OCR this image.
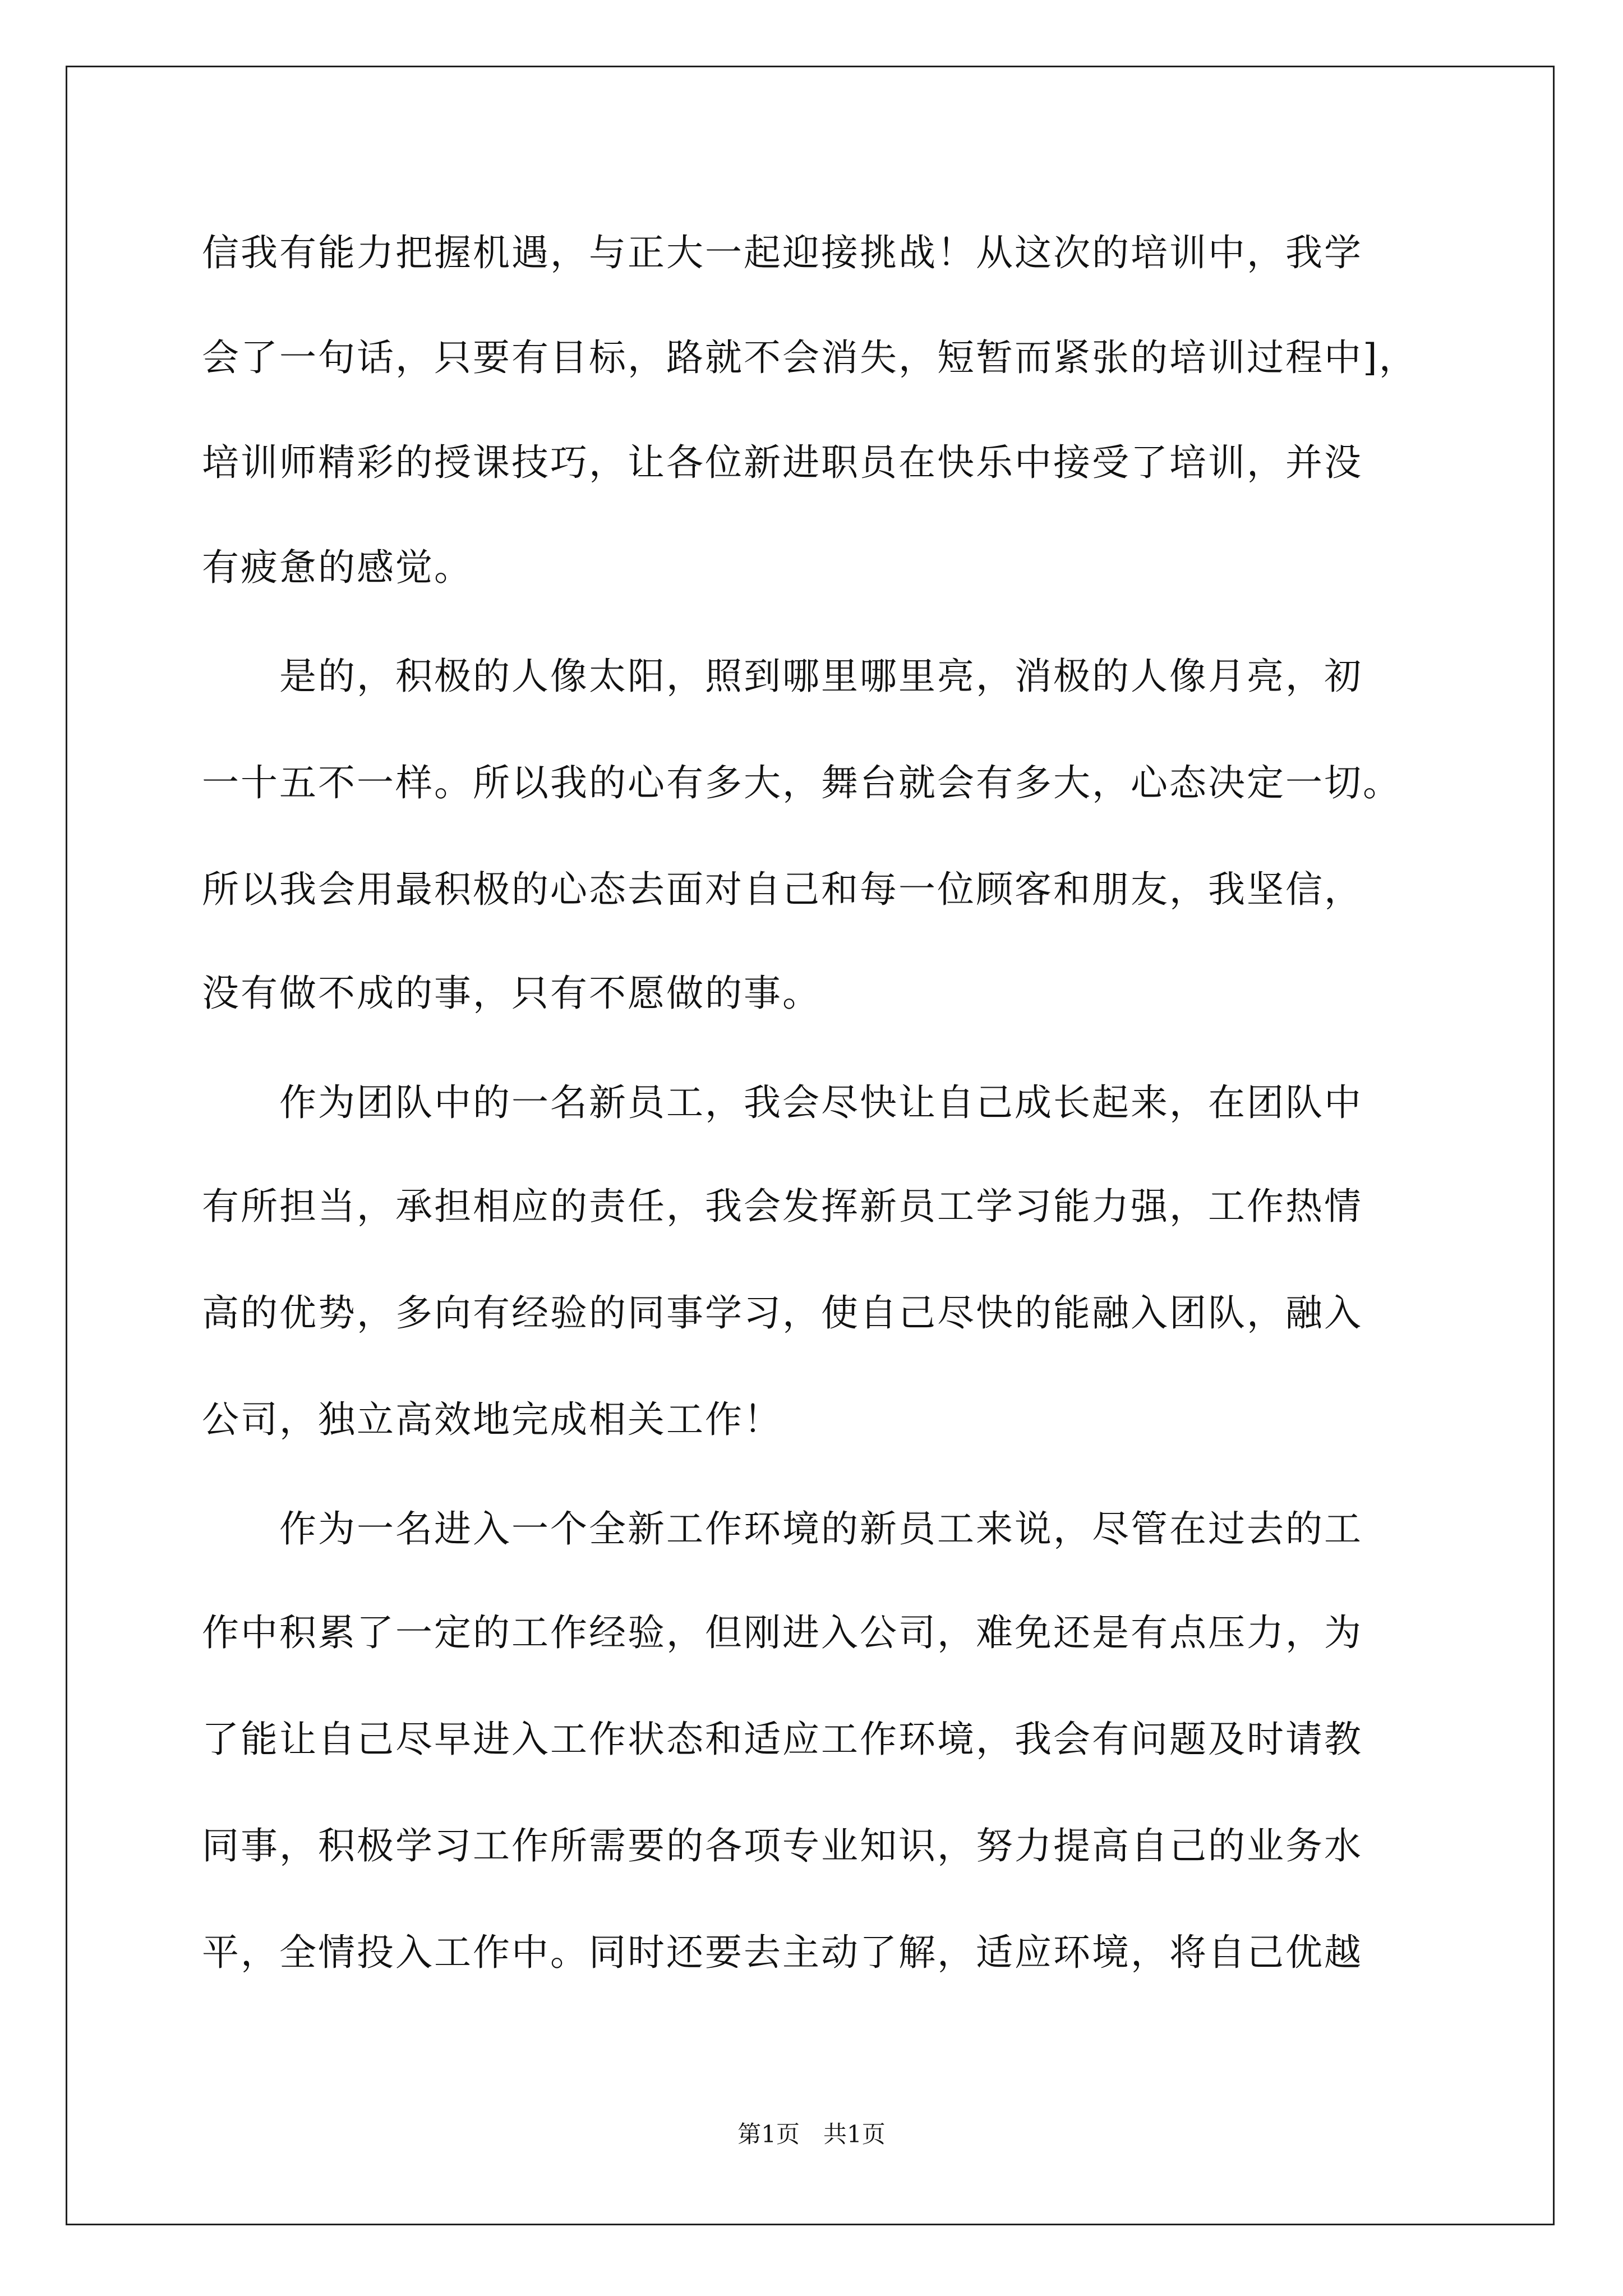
信我有能力把握机遇，与正大一起迎接挑战！从这次的培训中，我学
会了一句话，只要有目标，路就不会消失，短暂而紧张的培训过程中]，
培训师精彩的授课技巧，让各位新进职员在快乐中接受了培训，并没
有疲惫的感觉。
　　是的，积极的人像太阳，照到哪里哪里亮，消极的人像月亮，初
一十五不一样。所以我的心有多大，舞台就会有多大，心态决定一切。
所以我会用最积极的心态去面对自己和每一位顾客和朋友，我坚信，
没有做不成的事，只有不愿做的事。
　　作为团队中的一名新员工，我会尽快让自己成长起来，在团队中
有所担当，承担相应的责任，我会发挥新员工学习能力强，工作热情
高的优势，多向有经验的同事学习，使自己尽快的能融入团队，融入
公司，独立高效地完成相关工作！
　　作为一名进入一个全新工作环境的新员工来说，尽管在过去的工
作中积累了一定的工作经验，但刚进入公司，难免还是有点压力，为
了能让自己尽早进入工作状态和适应工作环境，我会有问题及时请教
同事，积极学习工作所需要的各项专业知识，努力提高自己的业务水
平，全情投入工作中。同时还要去主动了解，适应环境，将自己优越
第1页　共1页
